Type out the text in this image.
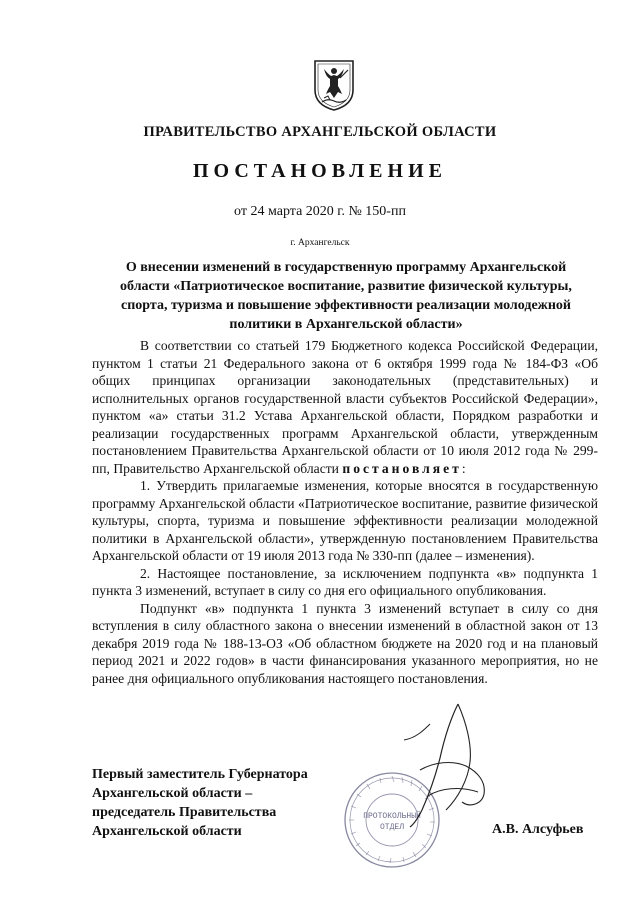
ПРАВИТЕЛЬСТВО АРХАНГЕЛЬСКОЙ ОБЛАСТИ
ПОСТАНОВЛЕНИЕ
от 24 марта 2020 г. № 150-пп
г. Архангельск
О внесении изменений в государственную программу Архангельской области «Патриотическое воспитание, развитие физической культуры, спорта, туризма и повышение эффективности реализации молодежной политики в Архангельской области»

В соответствии со статьей 179 Бюджетного кодекса Российской Федерации, пунктом 1 статьи 21 Федерального закона от 6 октября 1999 года № 184-ФЗ «Об общих принципах организации законодательных (представительных) и исполнительных органов государственной власти субъектов Российской Федерации», пунктом «а» статьи 31.2 Устава Архангельской области, Порядком разработки и реализации государственных программ Архангельской области, утвержденным постановлением Правительства Архангельской области от 10 июля 2012 года № 299-пп, Правительство Архангельской области постановляет:

1. Утвердить прилагаемые изменения, которые вносятся в государственную программу Архангельской области «Патриотическое воспитание, развитие физической культуры, спорта, туризма и повышение эффективности реализации молодежной политики в Архангельской области», утвержденную постановлением Правительства Архангельской области от 19 июля 2013 года № 330-пп (далее – изменения).

2. Настоящее постановление, за исключением подпункта «в» подпункта 1 пункта 3 изменений, вступает в силу со дня его официального опубликования.

Подпункт «в» подпункта 1 пункта 3 изменений вступает в силу со дня вступления в силу областного закона о внесении изменений в областной закон от 13 декабря 2019 года № 188-13-ОЗ «Об областном бюджете на 2020 год и на плановый период 2021 и 2022 годов» в части финансирования указанного мероприятия, но не ранее дня официального опубликования настоящего постановления.

Первый заместитель Губернатора
Архангельской области –
председатель Правительства
Архангельской области
ПРОТОКОЛЬНЫЙ
ОТДЕЛ	А.В. Алсуфьев
